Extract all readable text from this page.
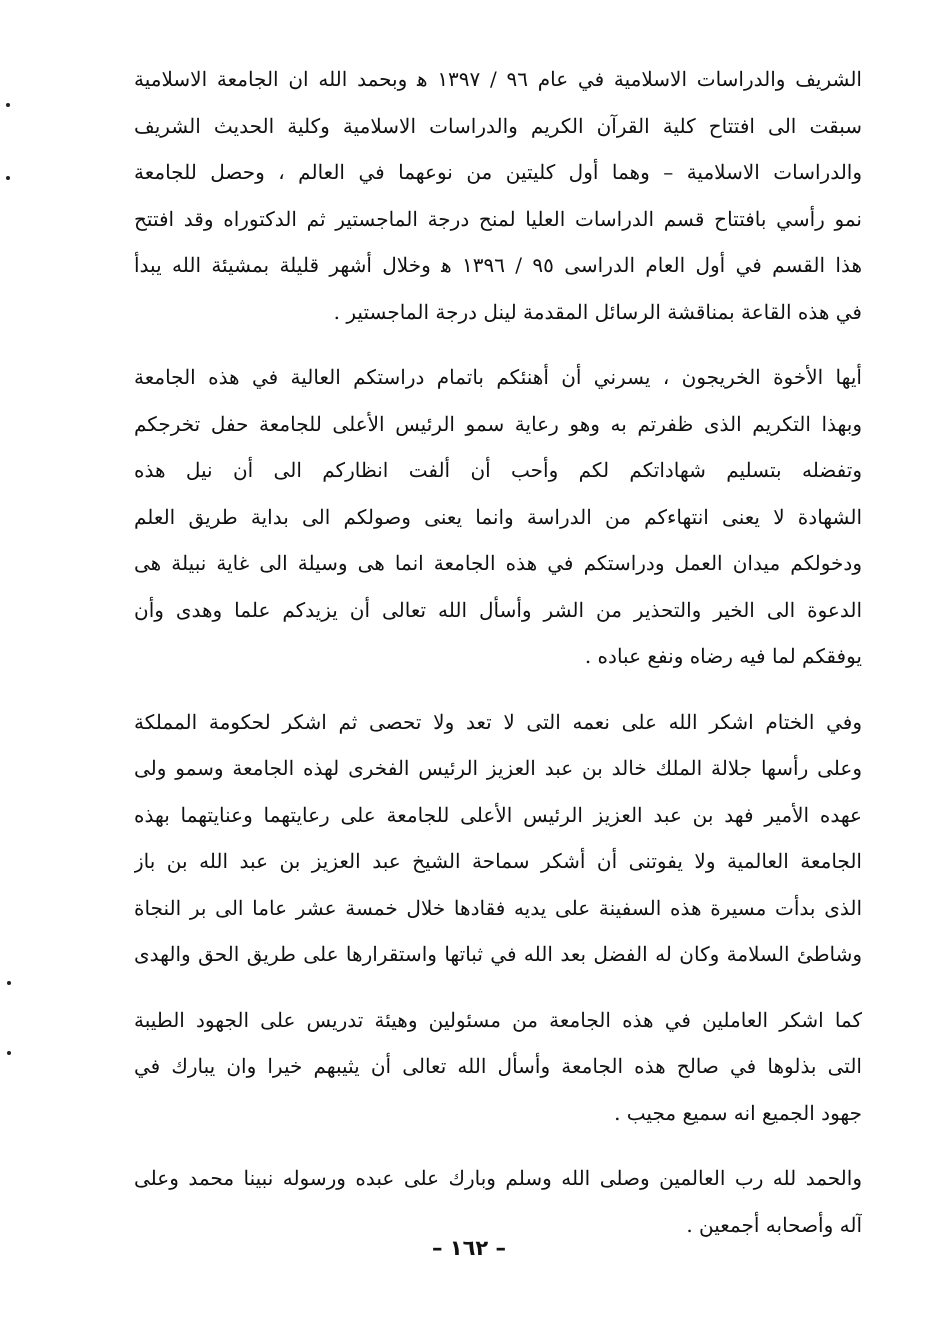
الشريف والدراسات الاسلامية في عام ٩٦ / ١٣٩٧ ﻫ وبحمد الله ان الجامعة الاسلامية
سبقت الى افتتاح كلية القرآن الكريم والدراسات الاسلامية وكلية الحديث الشريف
والدراسات الاسلامية – وهما أول كليتين من نوعهما في العالم ، وحصل للجامعة
نمو رأسي بافتتاح قسم الدراسات العليا لمنح درجة الماجستير ثم الدكتوراه وقد افتتح
هذا القسم في أول العام الدراسى ٩٥ / ١٣٩٦ ﻫ وخلال أشهر قليلة بمشيئة الله يبدأ
في هذه القاعة بمناقشة الرسائل المقدمة لينل درجة الماجستير .

أيها الأخوة الخريجون ، يسرني أن أهنئكم باتمام دراستكم العالية في هذه الجامعة
وبهذا التكريم الذى ظفرتم به وهو رعاية سمو الرئيس الأعلى للجامعة حفل تخرجكم
وتفضله بتسليم شهاداتكم لكم وأحب أن ألفت انظاركم الى أن نيل هذه
الشهادة لا يعنى انتهاءكم من الدراسة وانما يعنى وصولكم الى بداية طريق العلم
ودخولكم ميدان العمل ودراستكم في هذه الجامعة انما هى وسيلة الى غاية نبيلة هى
الدعوة الى الخير والتحذير من الشر وأسأل الله تعالى أن يزيدكم علما وهدى وأن
يوفقكم لما فيه رضاه ونفع عباده .

وفي الختام اشكر الله على نعمه التى لا تعد ولا تحصى ثم اشكر لحكومة المملكة
وعلى رأسها جلالة الملك خالد بن عبد العزيز الرئيس الفخرى لهذه الجامعة وسمو ولى
عهده الأمير فهد بن عبد العزيز الرئيس الأعلى للجامعة على رعايتهما وعنايتهما بهذه
الجامعة العالمية ولا يفوتنى أن أشكر سماحة الشيخ عبد العزيز بن عبد الله بن باز
الذى بدأت مسيرة هذه السفينة على يديه فقادها خلال خمسة عشر عاما الى بر النجاة
وشاطئ السلامة وكان له الفضل بعد الله في ثباتها واستقرارها على طريق الحق والهدى

كما اشكر العاملين في هذه الجامعة من مسئولين وهيئة تدريس على الجهود الطيبة
التى بذلوها في صالح هذه الجامعة وأسأل الله تعالى أن يثيبهم خيرا وان يبارك في
جهود الجميع انه سميع مجيب .

والحمد لله رب العالمين وصلى الله وسلم وبارك على عبده ورسوله نبينا محمد وعلى
آله وأصحابه أجمعين .

– ١٦٢ –
